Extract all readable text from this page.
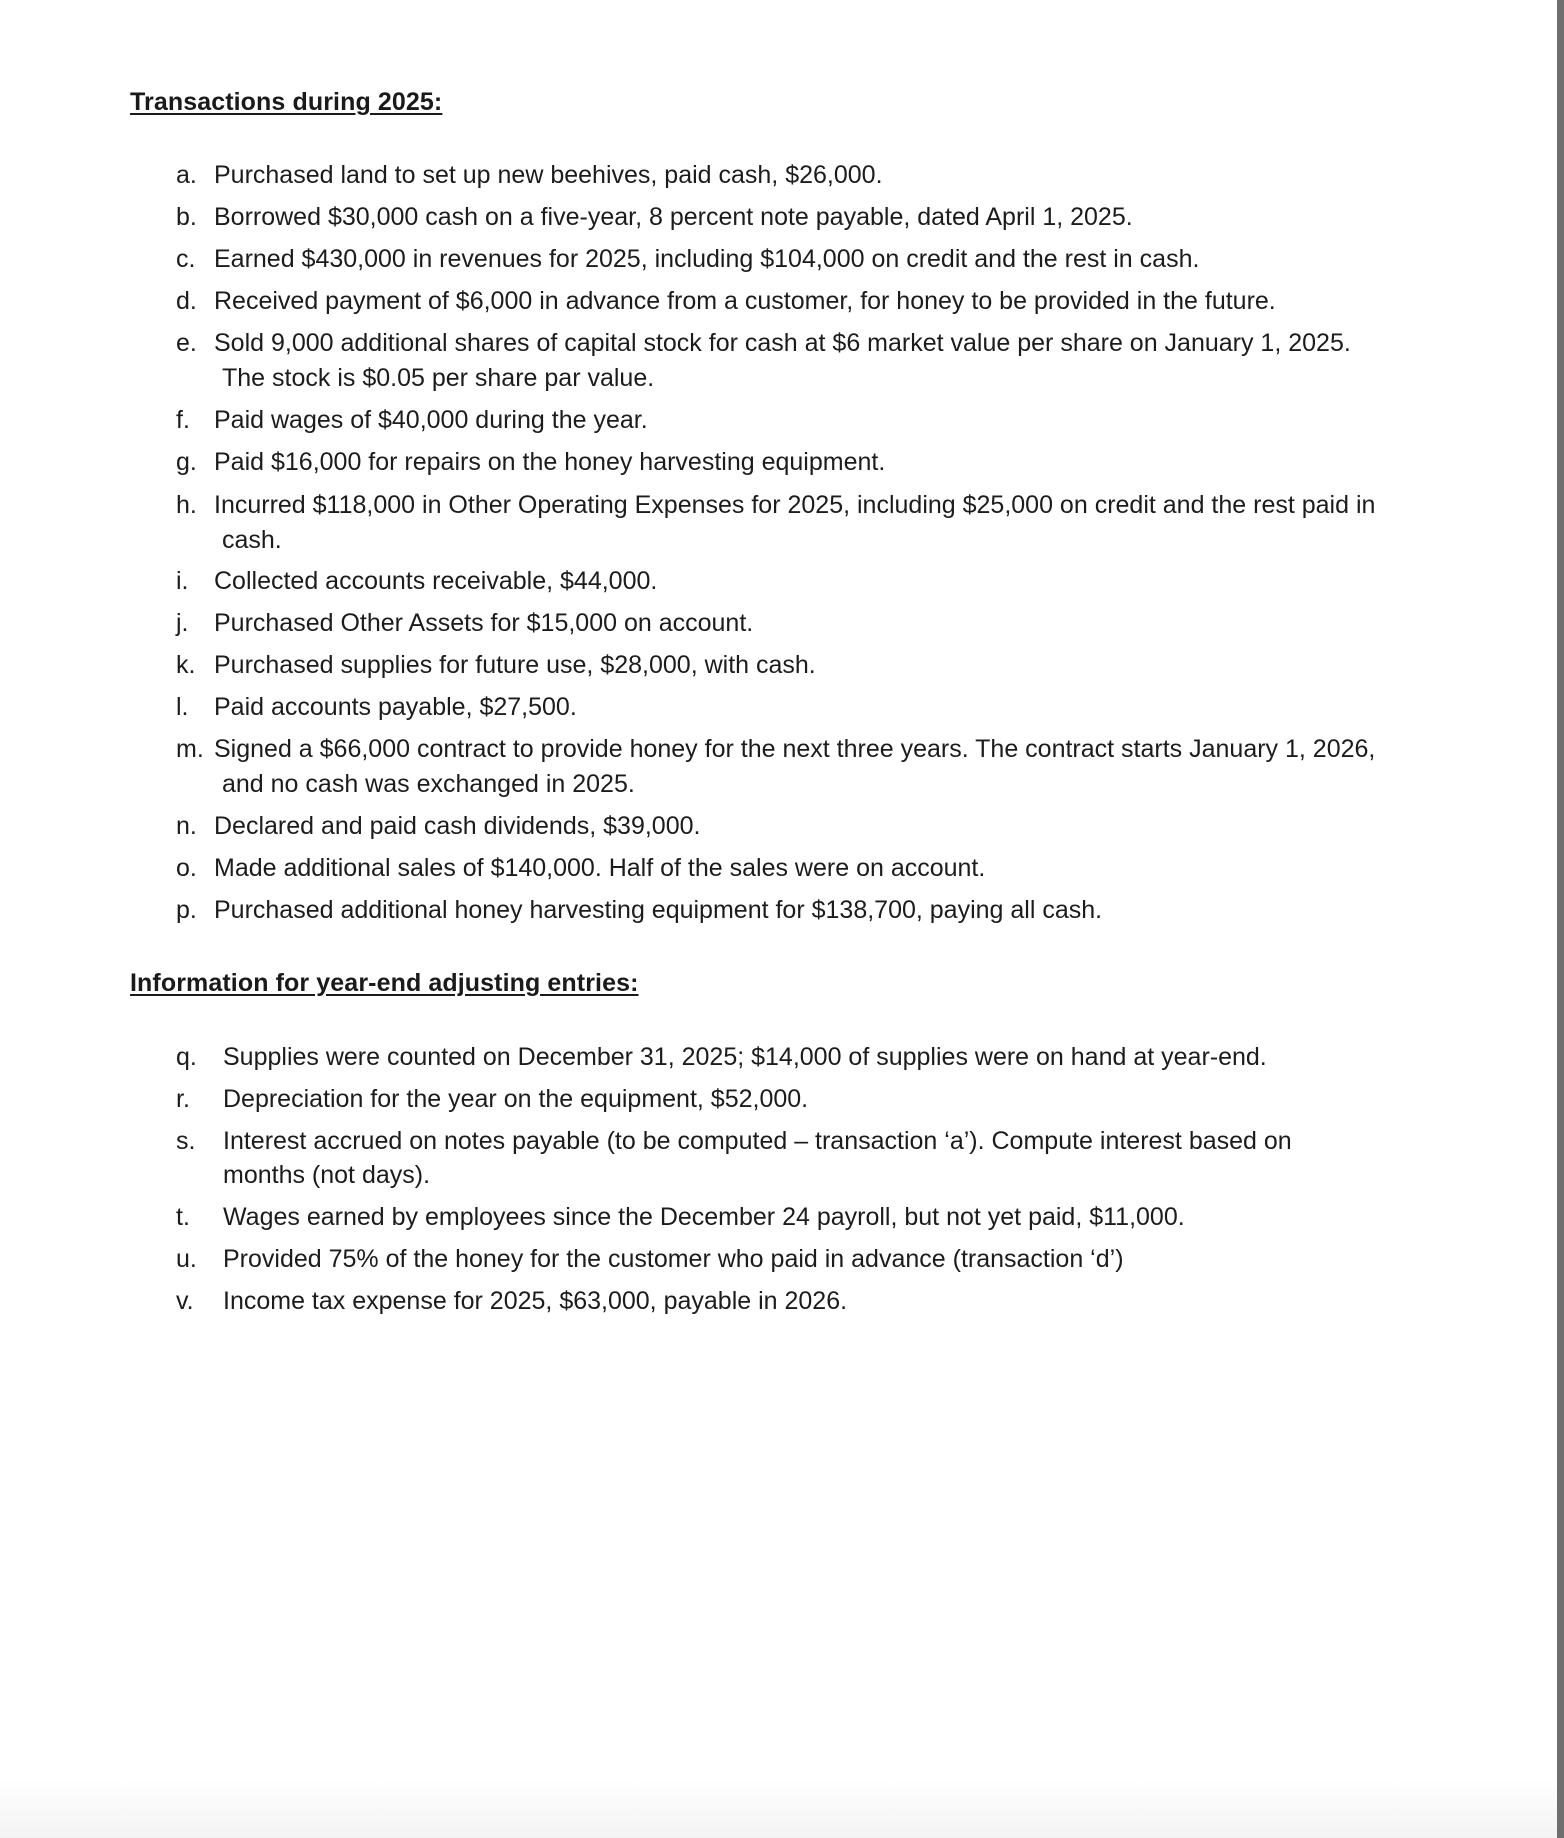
Transactions during 2025:
a. Purchased land to set up new beehives, paid cash, $26,000.
b. Borrowed $30,000 cash on a five-year, 8 percent note payable, dated April 1, 2025.
c. Earned $430,000 in revenues for 2025, including $104,000 on credit and the rest in cash.
d. Received payment of $6,000 in advance from a customer, for honey to be provided in the future.
e. Sold 9,000 additional shares of capital stock for cash at $6 market value per share on January 1, 2025.
The stock is $0.05 per share par value.
f. Paid wages of $40,000 during the year.
g. Paid $16,000 for repairs on the honey harvesting equipment.
h. Incurred $118,000 in Other Operating Expenses for 2025, including $25,000 on credit and the rest paid in
cash.
i. Collected accounts receivable, $44,000.
j. Purchased Other Assets for $15,000 on account.
k. Purchased supplies for future use, $28,000, with cash.
l. Paid accounts payable, $27,500.
m. Signed a $66,000 contract to provide honey for the next three years. The contract starts January 1, 2026,
and no cash was exchanged in 2025.
n. Declared and paid cash dividends, $39,000.
o. Made additional sales of $140,000. Half of the sales were on account.
p. Purchased additional honey harvesting equipment for $138,700, paying all cash.
Information for year-end adjusting entries:
q. Supplies were counted on December 31, 2025; $14,000 of supplies were on hand at year-end.
r. Depreciation for the year on the equipment, $52,000.
s. Interest accrued on notes payable (to be computed – transaction ‘a’). Compute interest based on
months (not days).
t. Wages earned by employees since the December 24 payroll, but not yet paid, $11,000.
u. Provided 75% of the honey for the customer who paid in advance (transaction ‘d’)
v. Income tax expense for 2025, $63,000, payable in 2026.
